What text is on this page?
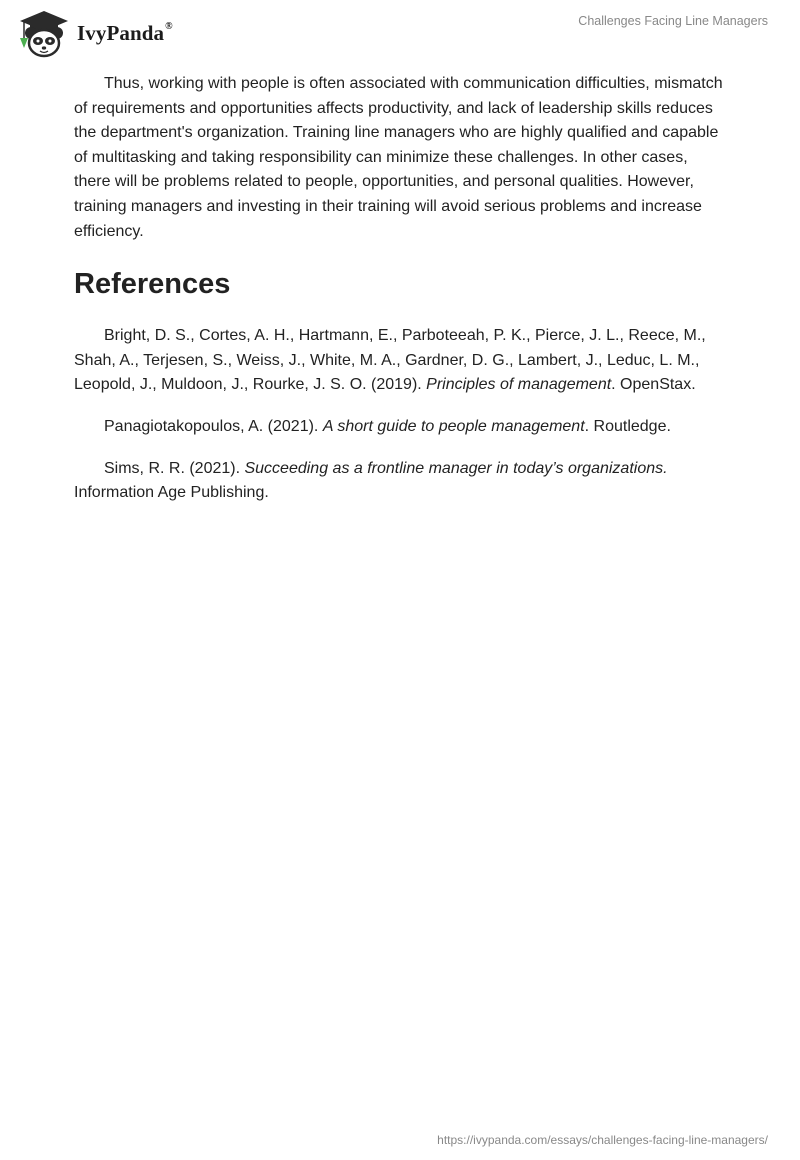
IvyPanda®	Challenges Facing Line Managers

Thus, working with people is often associated with communication difficulties, mismatch of requirements and opportunities affects productivity, and lack of leadership skills reduces the department's organization. Training line managers who are highly qualified and capable of multitasking and taking responsibility can minimize these challenges. In other cases, there will be problems related to people, opportunities, and personal qualities. However, training managers and investing in their training will avoid serious problems and increase efficiency.

References

Bright, D. S., Cortes, A. H., Hartmann, E., Parboteeah, P. K., Pierce, J. L., Reece, M., Shah, A., Terjesen, S., Weiss, J., White, M. A., Gardner, D. G., Lambert, J., Leduc, L. M., Leopold, J., Muldoon, J., Rourke, J. S. O. (2019). Principles of management. OpenStax.

Panagiotakopoulos, A. (2021). A short guide to people management. Routledge.

Sims, R. R. (2021). Succeeding as a frontline manager in today’s organizations. Information Age Publishing.

https://ivypanda.com/essays/challenges-facing-line-managers/
